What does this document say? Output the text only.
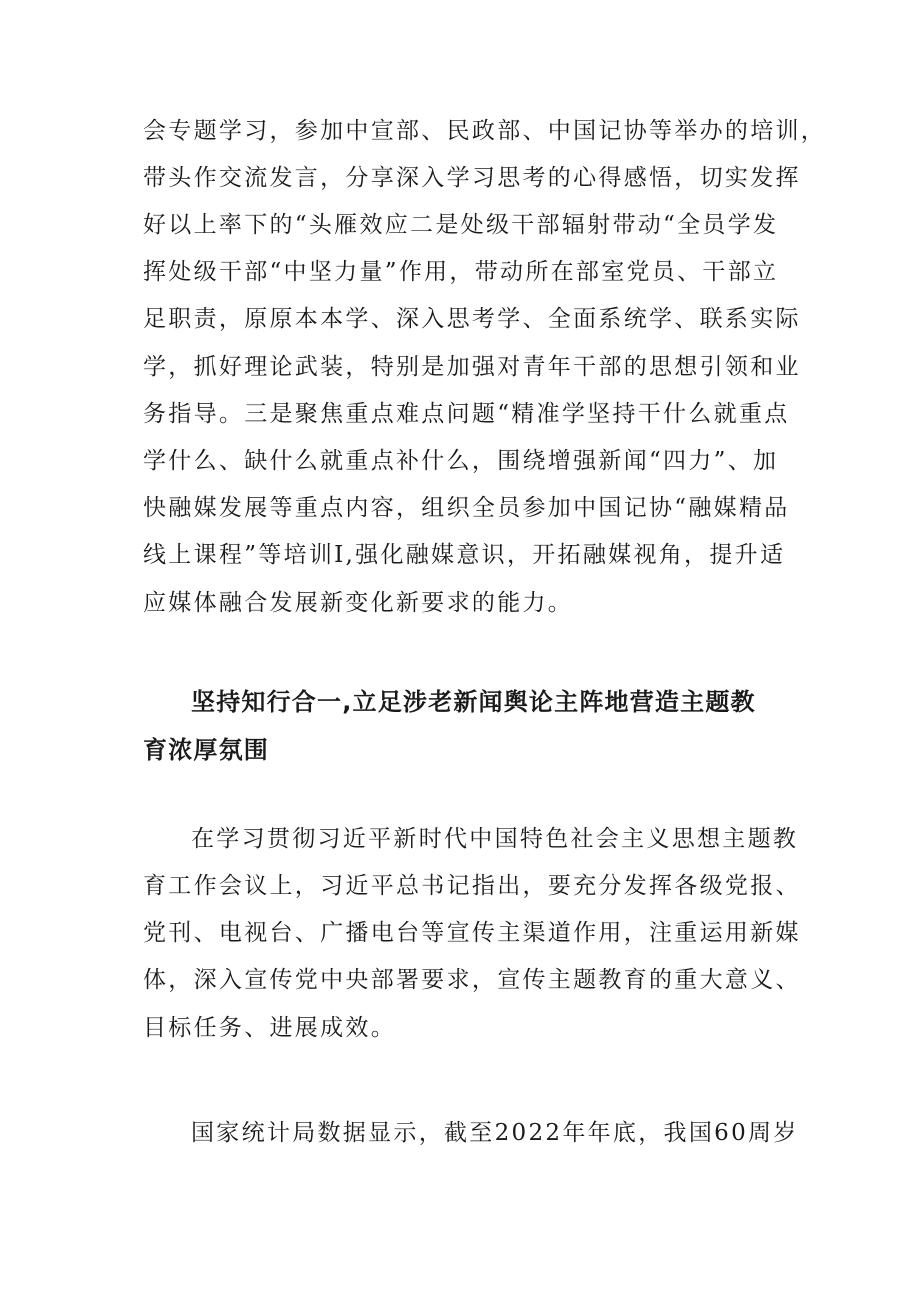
会专题学习，参加中宣部、民政部、中国记协等举办的培训，
带头作交流发言，分享深入学习思考的心得感悟，切实发挥
好以上率下的“头雁效应二是处级干部辐射带动“全员学发
挥处级干部“中坚力量”作用，带动所在部室党员、干部立
足职责，原原本本学、深入思考学、全面系统学、联系实际
学，抓好理论武装，特别是加强对青年干部的思想引领和业
务指导。三是聚焦重点难点问题“精准学坚持干什么就重点
学什么、缺什么就重点补什么，围绕增强新闻“四力”、加
快融媒发展等重点内容，组织全员参加中国记协“融媒精品
线上课程”等培训I,强化融媒意识，开拓融媒视角，提升适
应媒体融合发展新变化新要求的能力。
坚持知行合一,立足涉老新闻舆论主阵地营造主题教
育浓厚氛围
在学习贯彻习近平新时代中国特色社会主义思想主题教
育工作会议上，习近平总书记指出，要充分发挥各级党报、
党刊、电视台、广播电台等宣传主渠道作用，注重运用新媒
体，深入宣传党中央部署要求，宣传主题教育的重大意义、
目标任务、进展成效。
国家统计局数据显示，截至2022年年底，我国60周岁
